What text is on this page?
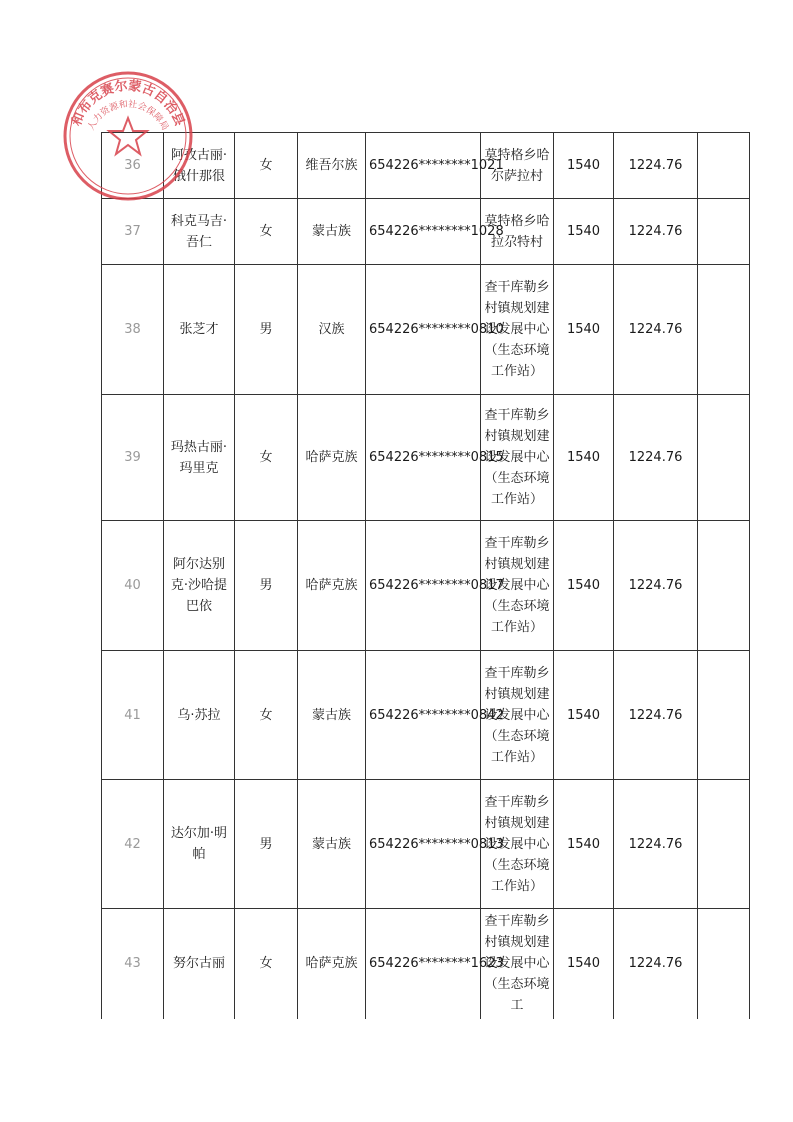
36	阿孜古丽·俄什那很	女	维吾尔族	654226********1021	莫特格乡哈尔萨拉村	1540	1224.76	
37	科克马吉·吾仁	女	蒙古族	654226********1028	莫特格乡哈拉尕特村	1540	1224.76	
38	张芝才	男	汉族	654226********0810	查干库勒乡村镇规划建设发展中心（生态环境工作站）	1540	1224.76	
39	玛热古丽·玛里克	女	哈萨克族	654226********0815	查干库勒乡村镇规划建设发展中心（生态环境工作站）	1540	1224.76	
40	阿尔达别克·沙哈提巴依	男	哈萨克族	654226********0817	查干库勒乡村镇规划建设发展中心（生态环境工作站）	1540	1224.76	
41	乌·苏拉	女	蒙古族	654226********0842	查干库勒乡村镇规划建设发展中心（生态环境工作站）	1540	1224.76	
42	达尔加·明帕	男	蒙古族	654226********0813	查干库勒乡村镇规划建设发展中心（生态环境工作站）	1540	1224.76	
43	努尔古丽	女	哈萨克族	654226********1623	查干库勒乡村镇规划建设发展中心（生态环境工	1540	1224.76	
和布克赛尔蒙古自治县
人力资源和社会保障局
